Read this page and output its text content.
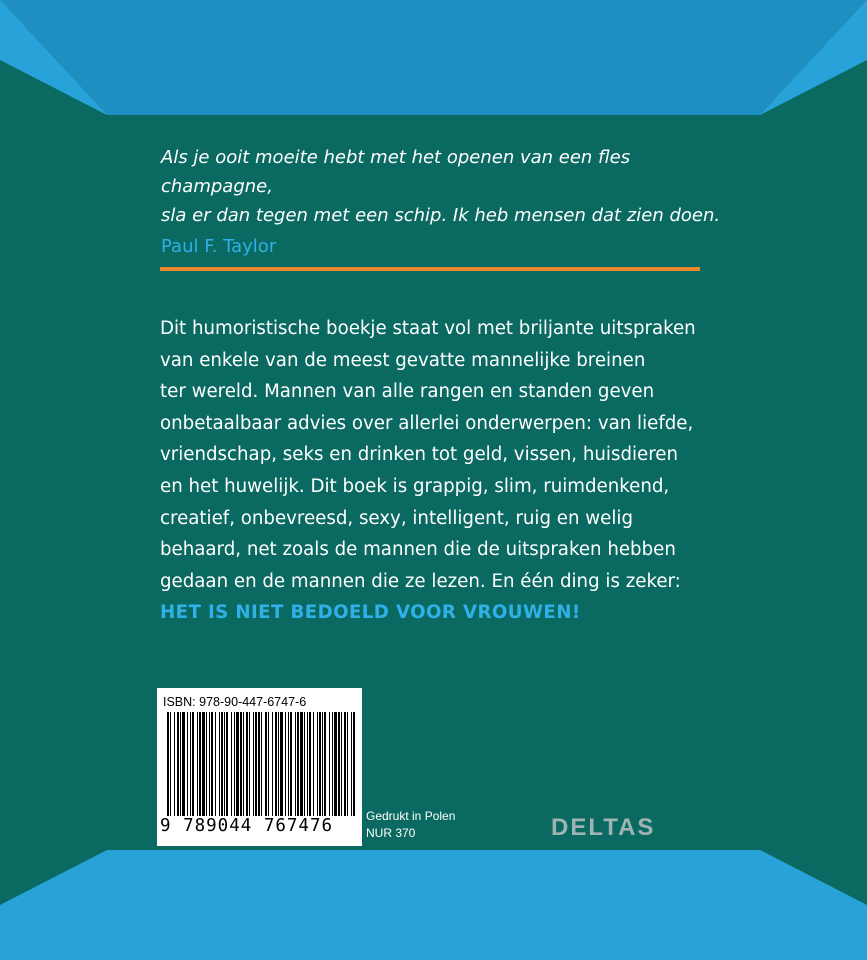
Als je ooit moeite hebt met het openen van een fles champagne,

sla er dan tegen met een schip. Ik heb mensen dat zien doen.

Paul F. Taylor

Dit humoristische boekje staat vol met briljante uitspraken

van enkele van de meest gevatte mannelijke breinen

ter wereld. Mannen van alle rangen en standen geven

onbetaalbaar advies over allerlei onderwerpen: van liefde,

vriendschap, seks en drinken tot geld, vissen, huisdieren

en het huwelijk. Dit boek is grappig, slim, ruimdenkend,

creatief, onbevreesd, sexy, intelligent, ruig en welig

behaard, net zoals de mannen die de uitspraken hebben

gedaan en de mannen die ze lezen. En één ding is zeker:

HET IS NIET BEDOELD VOOR VROUWEN!

ISBN: 978-90-447-6747-6
9 789044 767476	Gedrukt in Polen

NUR 370	DELTAS
